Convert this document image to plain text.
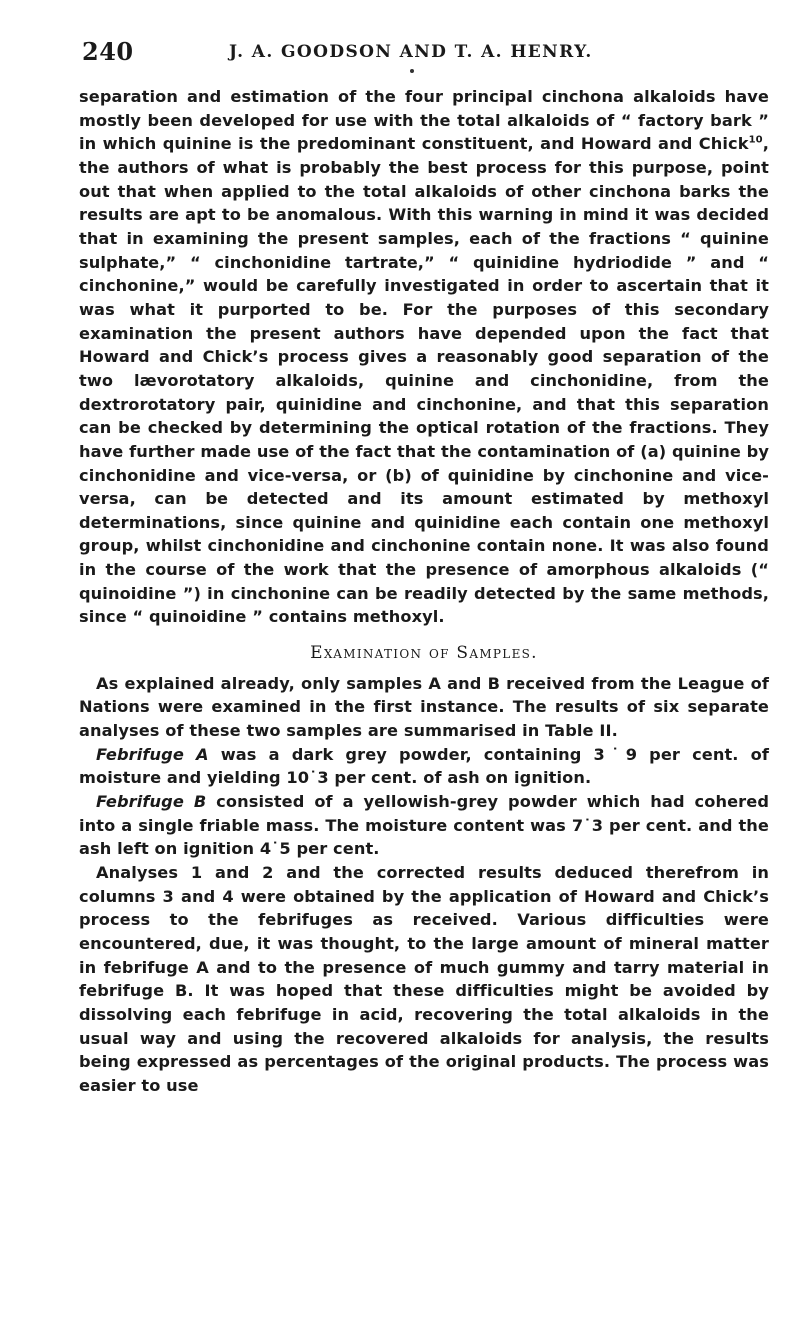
240	J. A. GOODSON AND T. A. HENRY.

separation and estimation of the four principal cinchona alkaloids have mostly been developed for use with the total alkaloids of “ factory bark ” in which quinine is the predominant constituent, and Howard and Chick$^{10}$, the authors of what is probably the best process for this purpose, point out that when applied to the total alkaloids of other cinchona barks the results are apt to be anomalous. With this warning in mind it was decided that in examining the present samples, each of the fractions “ quinine sulphate,” “ cinchonidine tartrate,” “ quinidine hydriodide ” and “ cinchonine,” would be carefully investigated in order to ascertain that it was what it purported to be. For the purposes of this secondary examination the present authors have depended upon the fact that Howard and Chick’s process gives a reasonably good separation of the two lævorotatory alkaloids, quinine and cinchonidine, from the dextrorotatory pair, quinidine and cinchonine, and that this separation can be checked by determining the optical rotation of the fractions. They have further made use of the fact that the contamination of (a) quinine by cinchonidine and vice-versa, or (b) of quinidine by cinchonine and vice-versa, can be detected and its amount estimated by methoxyl determinations, since quinine and quinidine each contain one methoxyl group, whilst cinchonidine and cinchonine contain none. It was also found in the course of the work that the presence of amorphous alkaloids (“ quinoidine ”) in cinchonine can be readily detected by the same methods, since “ quinoidine ” contains methoxyl.

Examination of Samples.

As explained already, only samples A and B received from the League of Nations were examined in the first instance. The results of six separate analyses of these two samples are summarised in Table II.

Febrifuge A was a dark grey powder, containing 3˙9 per cent. of moisture and yielding 10˙3 per cent. of ash on ignition.

Febrifuge B consisted of a yellowish-grey powder which had cohered into a single friable mass. The moisture content was 7˙3 per cent. and the ash left on ignition 4˙5 per cent.

Analyses 1 and 2 and the corrected results deduced therefrom in columns 3 and 4 were obtained by the application of Howard and Chick’s process to the febrifuges as received. Various difficulties were encountered, due, it was thought, to the large amount of mineral matter in febrifuge A and to the presence of much gummy and tarry material in febrifuge B. It was hoped that these difficulties might be avoided by dissolving each febrifuge in acid, recovering the total alkaloids in the usual way and using the recovered alkaloids for analysis, the results being expressed as percentages of the original products. The process was easier to use
